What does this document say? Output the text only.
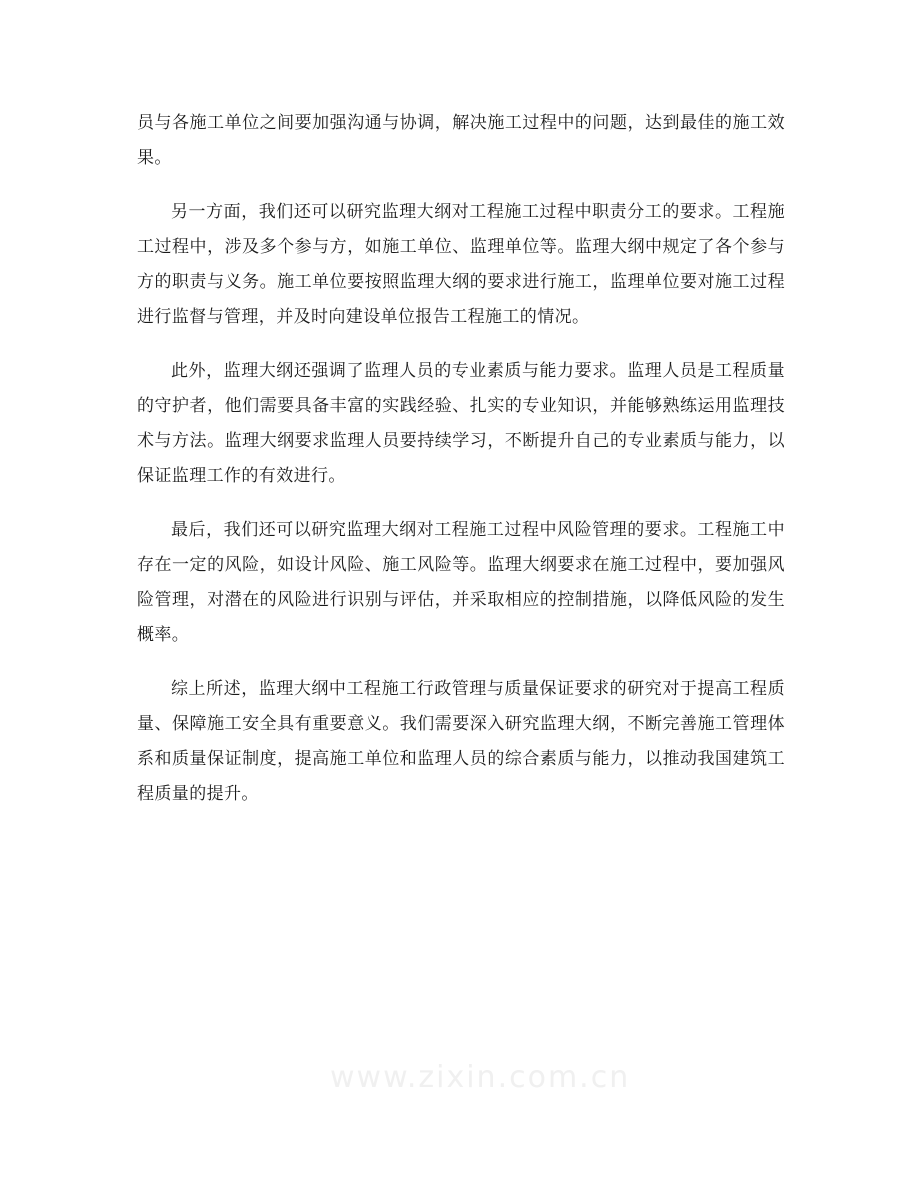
员与各施工单位之间要加强沟通与协调，解决施工过程中的问题，达到最佳的施工效果。

另一方面，我们还可以研究监理大纲对工程施工过程中职责分工的要求。工程施工过程中，涉及多个参与方，如施工单位、监理单位等。监理大纲中规定了各个参与方的职责与义务。施工单位要按照监理大纲的要求进行施工，监理单位要对施工过程进行监督与管理，并及时向建设单位报告工程施工的情况。

此外，监理大纲还强调了监理人员的专业素质与能力要求。监理人员是工程质量的守护者，他们需要具备丰富的实践经验、扎实的专业知识，并能够熟练运用监理技术与方法。监理大纲要求监理人员要持续学习，不断提升自己的专业素质与能力，以保证监理工作的有效进行。

最后，我们还可以研究监理大纲对工程施工过程中风险管理的要求。工程施工中存在一定的风险，如设计风险、施工风险等。监理大纲要求在施工过程中，要加强风险管理，对潜在的风险进行识别与评估，并采取相应的控制措施，以降低风险的发生概率。

综上所述，监理大纲中工程施工行政管理与质量保证要求的研究对于提高工程质量、保障施工安全具有重要意义。我们需要深入研究监理大纲，不断完善施工管理体系和质量保证制度，提高施工单位和监理人员的综合素质与能力，以推动我国建筑工程质量的提升。

www.zixin.com.cn
